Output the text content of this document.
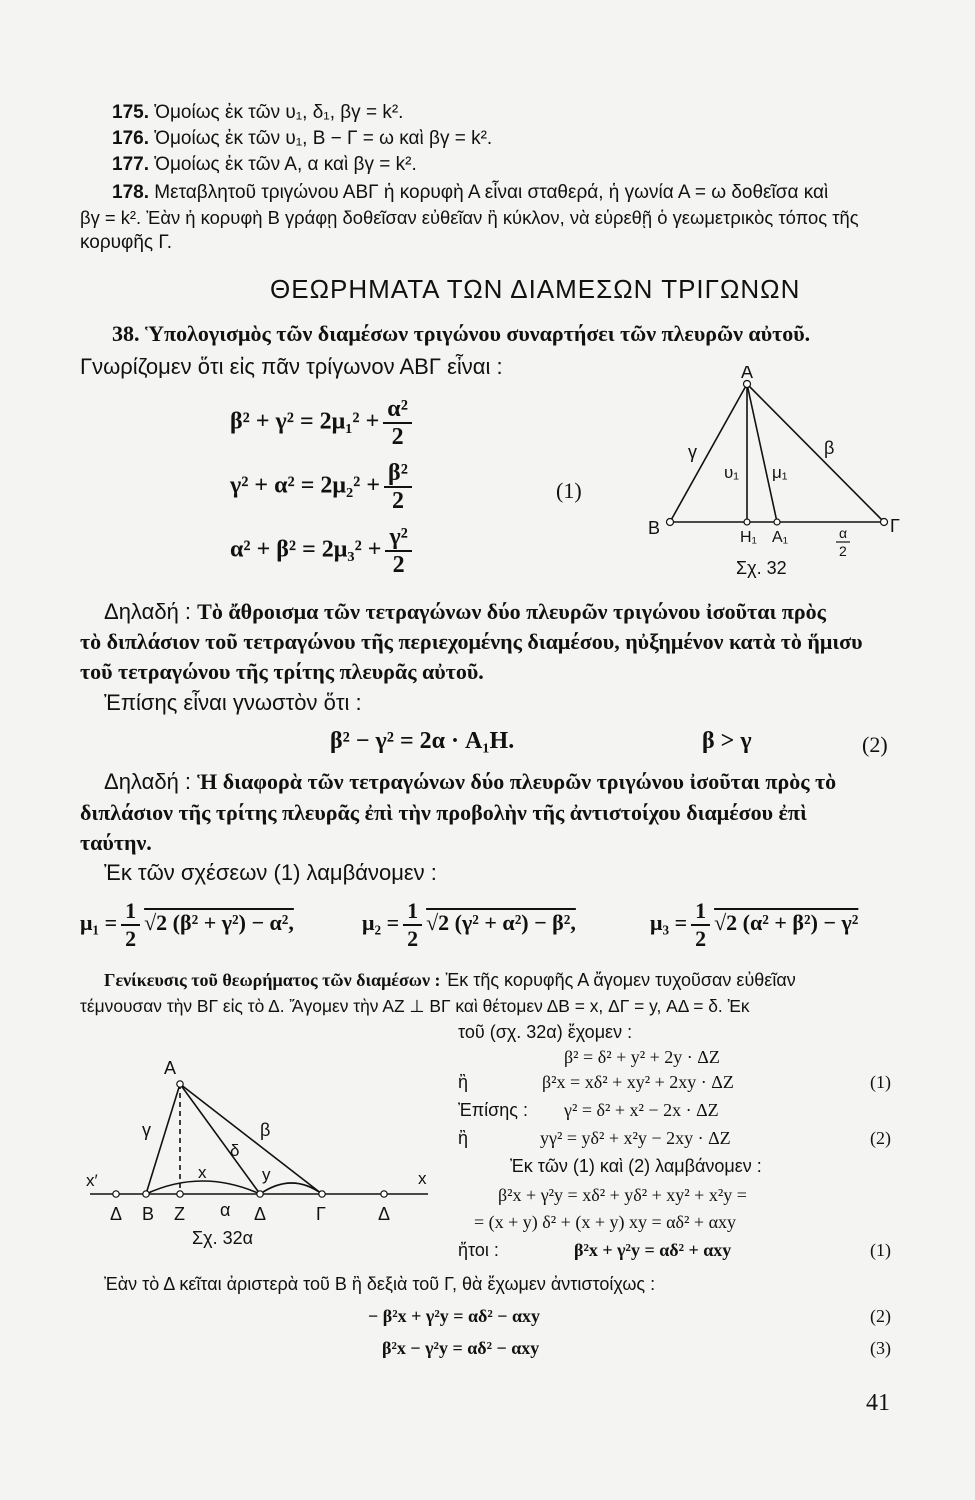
175. Ὁμοίως ἐκ τῶν υ₁, δ₁, βγ = k².
176. Ὁμοίως ἐκ τῶν υ₁, Β − Γ = ω καὶ βγ = k².
177. Ὁμοίως ἐκ τῶν Α, α καὶ βγ = k².
178. Μεταβλητοῦ τριγώνου ΑΒΓ ἡ κορυφὴ Α εἶναι σταθερά, ἡ γωνία Α = ω δοθεῖσα καὶ
βγ = k². Ἐὰν ἡ κορυφὴ Β γράφῃ δοθεῖσαν εὐθεῖαν ἢ κύκλον, νὰ εὑρεθῇ ὁ γεωμετρικὸς τόπος τῆς
κορυφῆς Γ.
ΘΕΩΡΗΜΑΤΑ ΤΩΝ ΔΙΑΜΕΣΩΝ ΤΡΙΓΩΝΩΝ
38. Ὑπολογισμὸς τῶν διαμέσων τριγώνου συναρτήσει τῶν πλευρῶν αὐτοῦ.
Γνωρίζομεν ὅτι εἰς πᾶν τρίγωνον ΑΒΓ εἶναι :
$\beta^2 + \gamma^2 = 2\mu_1^2 + \frac{\text{α²}}{2}$
$\gamma^2 + \alpha^2 = 2\mu_2^2 + \frac{\text{β²}}{2}$	(1)
$\alpha^2 + \beta^2 = 2\mu_3^2 + \frac{\text{γ²}}{2}$
A
B	Γ
γ	β
υ₁ μ₁
H₁ A₁	α
2
Σχ. 32
Δηλαδή : Τὸ ἄθροισμα τῶν τετραγώνων δύο πλευρῶν τριγώνου ἰσοῦται πρὸς
τὸ διπλάσιον τοῦ τετραγώνου τῆς περιεχομένης διαμέσου, ηὐξημένον κατὰ τὸ ἥμισυ
τοῦ τετραγώνου τῆς τρίτης πλευρᾶς αὐτοῦ.
Ἐπίσης εἶναι γνωστὸν ὅτι :
β² − γ² = 2α · A₁H.	β > γ	(2)
Δηλαδή : Ἡ διαφορὰ τῶν τετραγώνων δύο πλευρῶν τριγώνου ἰσοῦται πρὸς τὸ
διπλάσιον τῆς τρίτης πλευρᾶς ἐπὶ τὴν προβολὴν τῆς ἀντιστοίχου διαμέσου ἐπὶ
ταύτην.
Ἐκ τῶν σχέσεων (1) λαμβάνομεν :
$\mu_1 = \frac{1}{2} √2$ (β² + γ²) − α²,	$\mu_2 = \frac{1}{2} √2$ (γ² + α²) − β²,	$\mu_3 = \frac{1}{2} √2$ (α² + β²) − γ²
Γενίκευσις τοῦ θεωρήματος τῶν διαμέσων : Ἐκ τῆς κορυφῆς Α ἄγομεν τυχοῦσαν εὐθεῖαν
τέμνουσαν τὴν ΒΓ εἰς τὸ Δ. Ἄγομεν τὴν ΑΖ ⊥ ΒΓ καὶ θέτομεν ΔΒ = x, ΔΓ = y, ΑΔ = δ. Ἐκ
τοῦ (σχ. 32α) ἔχομεν :
β² = δ² + y² + 2y · ΔΖ
ἢ	β²x = xδ² + xy² + 2xy · ΔΖ	(1)
Ἐπίσης : γ² = δ² + x² − 2x · ΔΖ
ἢ	yγ² = yδ² + x²y − 2xy · ΔΖ	(2)
Ἐκ τῶν (1) καὶ (2) λαμβάνομεν :
β²x + γ²y = xδ² + yδ² + xy² + x²y =
= (x + y) δ² + (x + y) xy = αδ² + αxy
ἤτοι :	β²x + γ²y = αδ² + αxy	(1)
A
γ	β
δ
x	y
x′	x
Δ B Z α Δ	Γ	Δ
Σχ. 32α
Ἐὰν τὸ Δ κεῖται ἀριστερὰ τοῦ Β ἢ δεξιὰ τοῦ Γ, θὰ ἔχωμεν ἀντιστοίχως :
− β²x + γ²y = αδ² − αxy	(2)
β²x − γ²y = αδ² − αxy	(3)
41
